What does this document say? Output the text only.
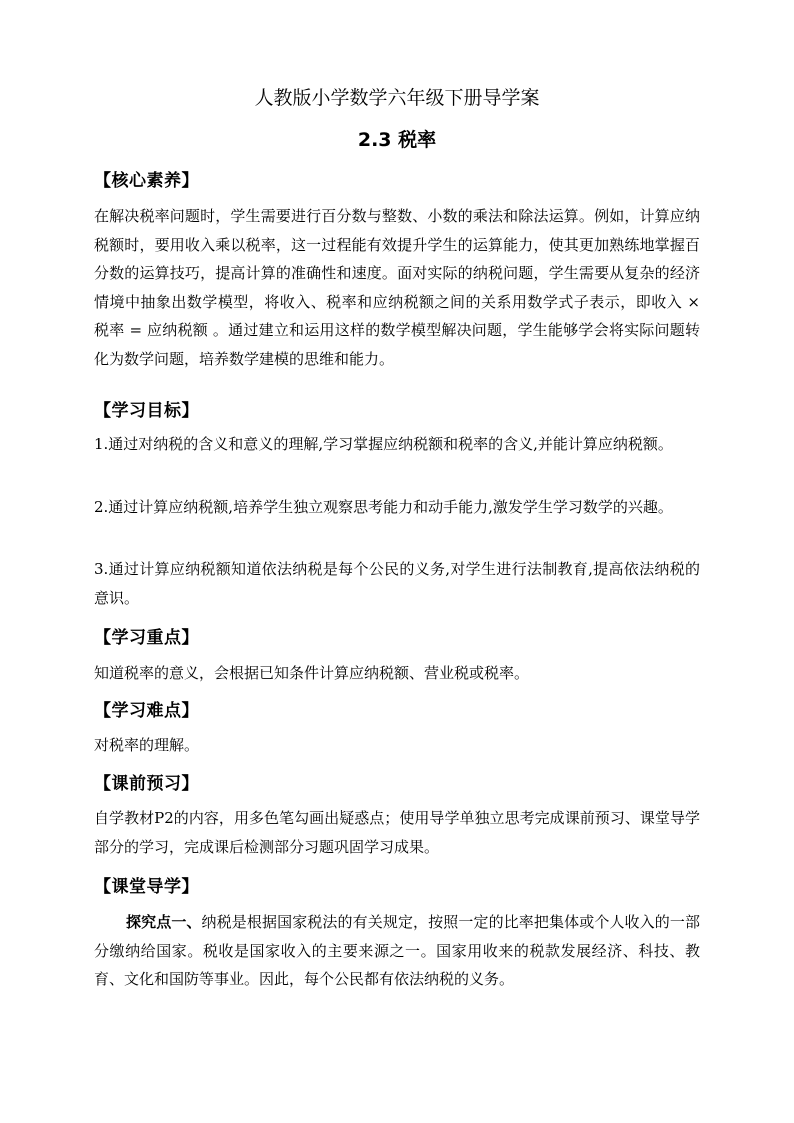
人教版小学数学六年级下册导学案
2.3 税率
【核心素养】

在解决税率问题时，学生需要进行百分数与整数、小数的乘法和除法运算。例如，计算应纳税额时，要用收入乘以税率，这一过程能有效提升学生的运算能力，使其更加熟练地掌握百分数的运算技巧，提高计算的准确性和速度。面对实际的纳税问题，学生需要从复杂的经济情境中抽象出数学模型，将收入、税率和应纳税额之间的关系用数学式子表示，即收入 × 税率 = 应纳税额 。通过建立和运用这样的数学模型解决问题，学生能够学会将实际问题转化为数学问题，培养数学建模的思维和能力。

【学习目标】

1.通过对纳税的含义和意义的理解,学习掌握应纳税额和税率的含义,并能计算应纳税额。

2.通过计算应纳税额,培养学生独立观察思考能力和动手能力,激发学生学习数学的兴趣。

3.通过计算应纳税额知道依法纳税是每个公民的义务,对学生进行法制教育,提高依法纳税的意识。

【学习重点】

知道税率的意义，会根据已知条件计算应纳税额、营业税或税率。

【学习难点】

对税率的理解。

【课前预习】

自学教材P2的内容，用多色笔勾画出疑惑点；使用导学单独立思考完成课前预习、课堂导学部分的学习，完成课后检测部分习题巩固学习成果。

【课堂导学】

探究点一、纳税是根据国家税法的有关规定，按照一定的比率把集体或个人收入的一部分缴纳给国家。税收是国家收入的主要来源之一。国家用收来的税款发展经济、科技、教育、文化和国防等事业。因此，每个公民都有依法纳税的义务。
